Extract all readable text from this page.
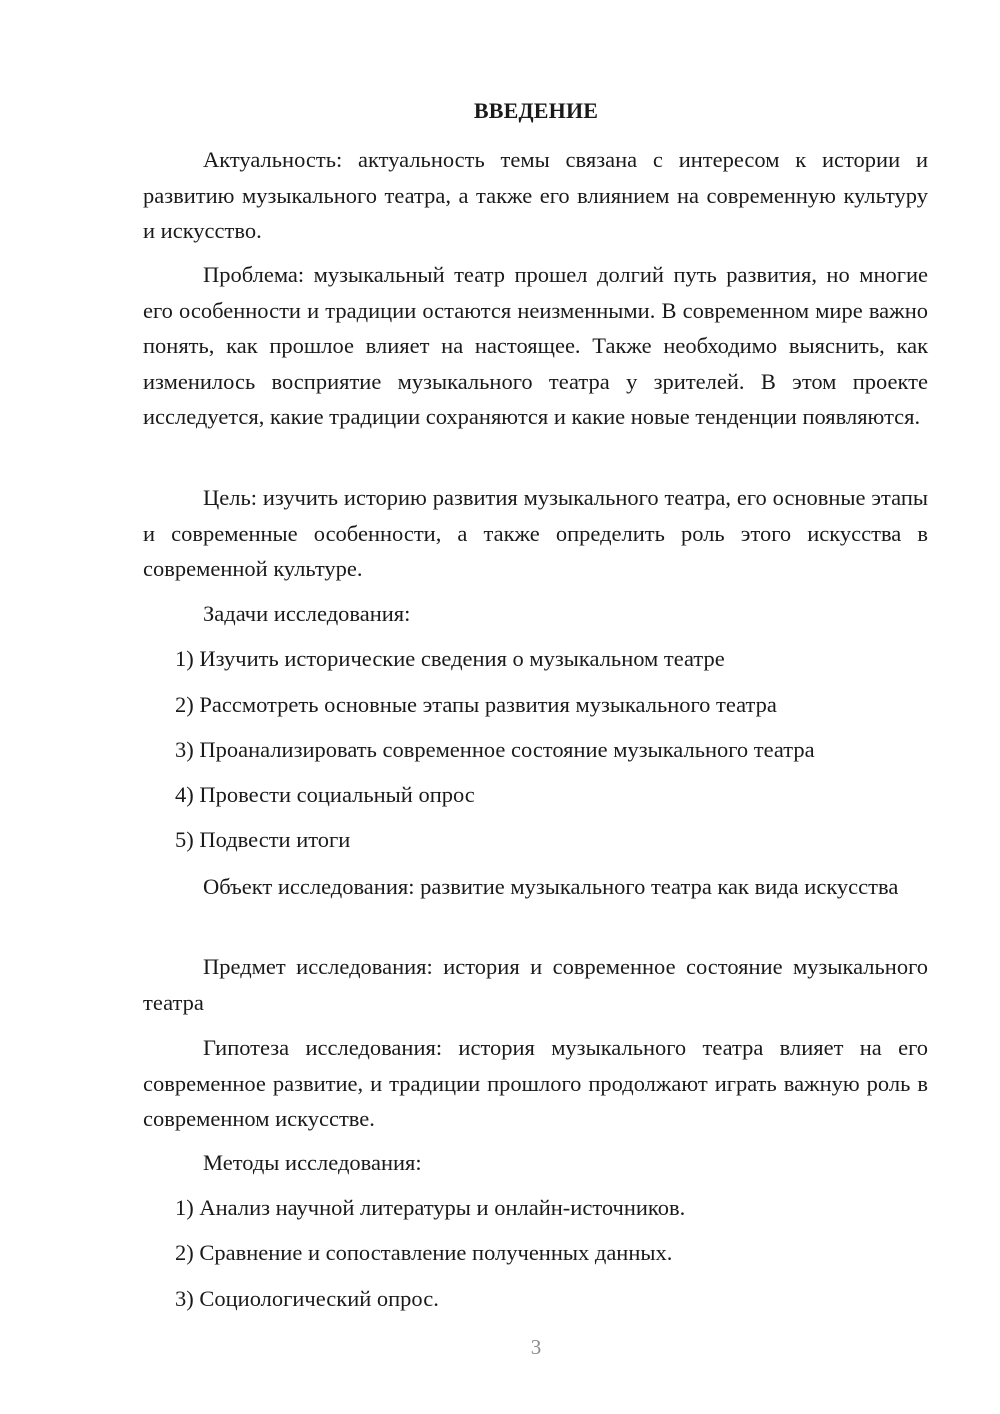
ВВЕДЕНИЕ

Актуальность: актуальность темы связана с интересом к истории и развитию музыкального театра, а также его влиянием на современную культуру и искусство.

Проблема: музыкальный театр прошел долгий путь развития, но многие его особенности и традиции остаются неизменными. В современном мире важно понять, как прошлое влияет на настоящее. Также необходимо выяснить, как изменилось восприятие музыкального театра у зрителей. В этом проекте исследуется, какие традиции сохраняются и какие новые тенденции появляются.

Цель: изучить историю развития музыкального театра, его основные этапы и современные особенности, а также определить роль этого искусства в современной культуре.

Задачи исследования:
1) Изучить исторические сведения о музыкальном театре
2) Рассмотреть основные этапы развития музыкального театра
3) Проанализировать современное состояние музыкального театра
4) Провести социальный опрос
5) Подвести итоги

Объект исследования: развитие музыкального театра как вида искусства

Предмет исследования: история и современное состояние музыкального театра

Гипотеза исследования: история музыкального театра влияет на его современное развитие, и традиции прошлого продолжают играть важную роль в современном искусстве.

Методы исследования:
1) Анализ научной литературы и онлайн-источников.
2) Сравнение и сопоставление полученных данных.
3) Социологический опрос.
3
